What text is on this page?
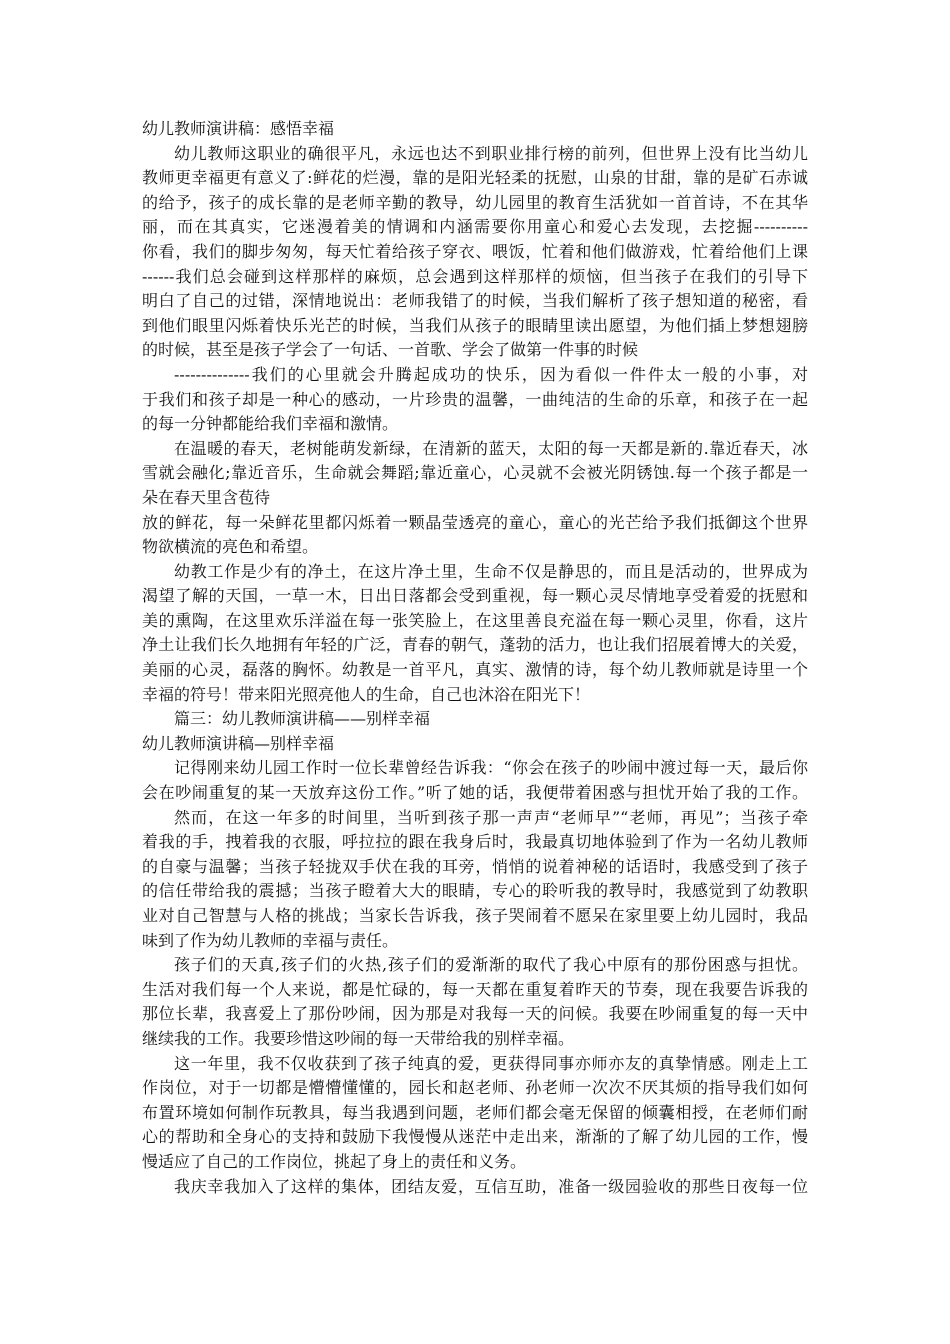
幼儿教师演讲稿：感悟幸福
幼儿教师这职业的确很平凡，永远也达不到职业排行榜的前列，但世界上没有比当幼儿
教师更幸福更有意义了:鲜花的烂漫，靠的是阳光轻柔的抚慰，山泉的甘甜，靠的是矿石赤诚
的给予，孩子的成长靠的是老师辛勤的教导，幼儿园里的教育生活犹如一首首诗，不在其华
丽，而在其真实，它迷漫着美的情调和内涵需要你用童心和爱心去发现，去挖掘----------
你看，我们的脚步匆匆，每天忙着给孩子穿衣、喂饭，忙着和他们做游戏，忙着给他们上课
------我们总会碰到这样那样的麻烦，总会遇到这样那样的烦恼，但当孩子在我们的引导下
明白了自己的过错，深情地说出：老师我错了的时候，当我们解析了孩子想知道的秘密，看
到他们眼里闪烁着快乐光芒的时候，当我们从孩子的眼睛里读出愿望，为他们插上梦想翅膀
的时候，甚至是孩子学会了一句话、一首歌、学会了做第一件事的时候
--------------我们的心里就会升腾起成功的快乐，因为看似一件件太一般的小事，对
于我们和孩子却是一种心的感动，一片珍贵的温馨，一曲纯洁的生命的乐章，和孩子在一起
的每一分钟都能给我们幸福和激情。
在温暖的春天，老树能萌发新绿，在清新的蓝天，太阳的每一天都是新的.靠近春天，冰
雪就会融化;靠近音乐，生命就会舞蹈;靠近童心，心灵就不会被光阴锈蚀.每一个孩子都是一
朵在春天里含苞待
放的鲜花，每一朵鲜花里都闪烁着一颗晶莹透亮的童心，童心的光芒给予我们抵御这个世界
物欲横流的亮色和希望。
幼教工作是少有的净土，在这片净土里，生命不仅是静思的，而且是活动的，世界成为
渴望了解的天国，一草一木，日出日落都会受到重视，每一颗心灵尽情地享受着爱的抚慰和
美的熏陶，在这里欢乐洋溢在每一张笑脸上，在这里善良充溢在每一颗心灵里，你看，这片
净土让我们长久地拥有年轻的广泛，青春的朝气，蓬勃的活力，也让我们招展着博大的关爱，
美丽的心灵，磊落的胸怀。幼教是一首平凡，真实、激情的诗，每个幼儿教师就是诗里一个
幸福的符号！带来阳光照亮他人的生命，自己也沐浴在阳光下！
篇三：幼儿教师演讲稿——别样幸福
幼儿教师演讲稿—别样幸福
记得刚来幼儿园工作时一位长辈曾经告诉我：“你会在孩子的吵闹中渡过每一天，最后你
会在吵闹重复的某一天放弃这份工作。”听了她的话，我便带着困惑与担忧开始了我的工作。
然而，在这一年多的时间里，当听到孩子那一声声“老师早”“老师，再见”；当孩子牵
着我的手，拽着我的衣服，呼拉拉的跟在我身后时，我最真切地体验到了作为一名幼儿教师
的自豪与温馨；当孩子轻拢双手伏在我的耳旁，悄悄的说着神秘的话语时，我感受到了孩子
的信任带给我的震撼；当孩子瞪着大大的眼睛，专心的聆听我的教导时，我感觉到了幼教职
业对自己智慧与人格的挑战；当家长告诉我，孩子哭闹着不愿呆在家里要上幼儿园时，我品
味到了作为幼儿教师的幸福与责任。
孩子们的天真,孩子们的火热,孩子们的爱渐渐的取代了我心中原有的那份困惑与担忧。
生活对我们每一个人来说，都是忙碌的，每一天都在重复着昨天的节奏，现在我要告诉我的
那位长辈，我喜爱上了那份吵闹，因为那是对我每一天的问候。我要在吵闹重复的每一天中
继续我的工作。我要珍惜这吵闹的每一天带给我的别样幸福。
这一年里，我不仅收获到了孩子纯真的爱，更获得同事亦师亦友的真挚情感。刚走上工
作岗位，对于一切都是懵懵懂懂的，园长和赵老师、孙老师一次次不厌其烦的指导我们如何
布置环境如何制作玩教具，每当我遇到问题，老师们都会毫无保留的倾囊相授，在老师们耐
心的帮助和全身心的支持和鼓励下我慢慢从迷茫中走出来，渐渐的了解了幼儿园的工作，慢
慢适应了自己的工作岗位，挑起了身上的责任和义务。
我庆幸我加入了这样的集体，团结友爱，互信互助，准备一级园验收的那些日夜每一位
